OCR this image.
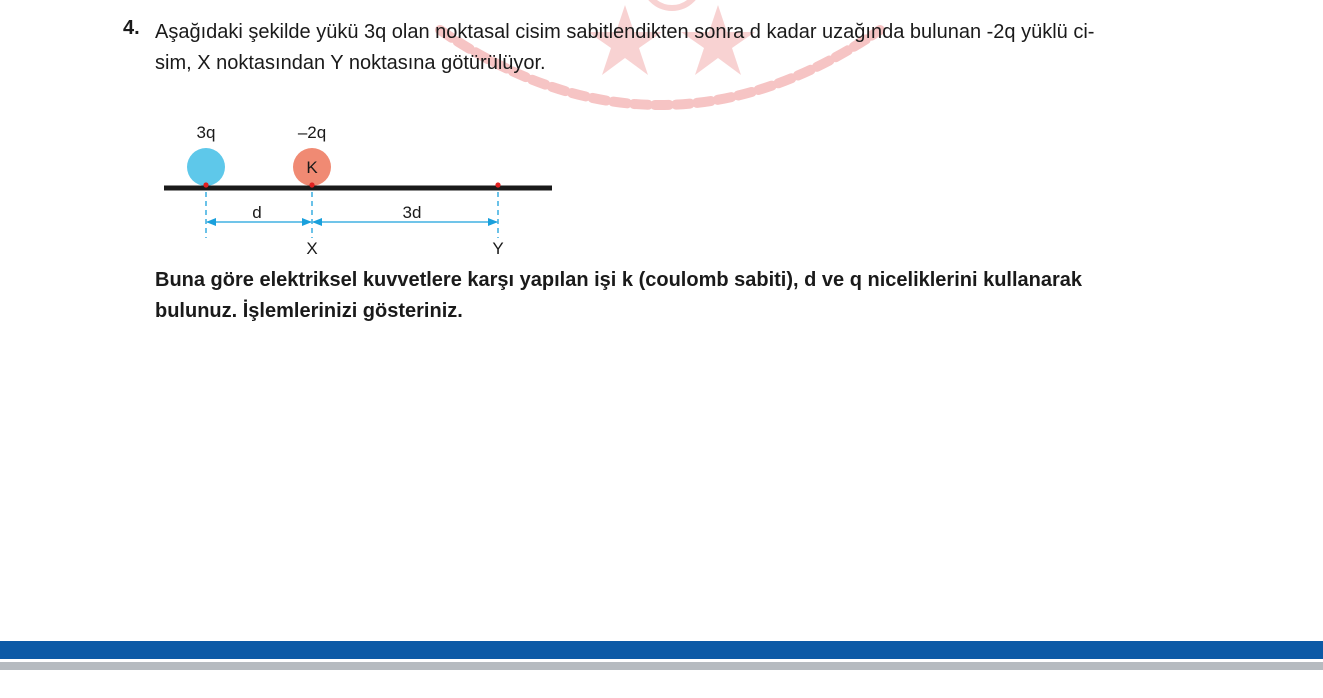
4. Aşağıdaki şekilde yükü 3q olan noktasal cisim sabitlendikten sonra d kadar uzağında bulunan -2q yüklü ci-
sim, X noktasından Y noktasına götürülüyor.
3q	–2q
K
d	3d
X	Y
Buna göre elektriksel kuvvetlere karşı yapılan işi k (coulomb sabiti), d ve q niceliklerini kullanarak
bulunuz. İşlemlerinizi gösteriniz.
